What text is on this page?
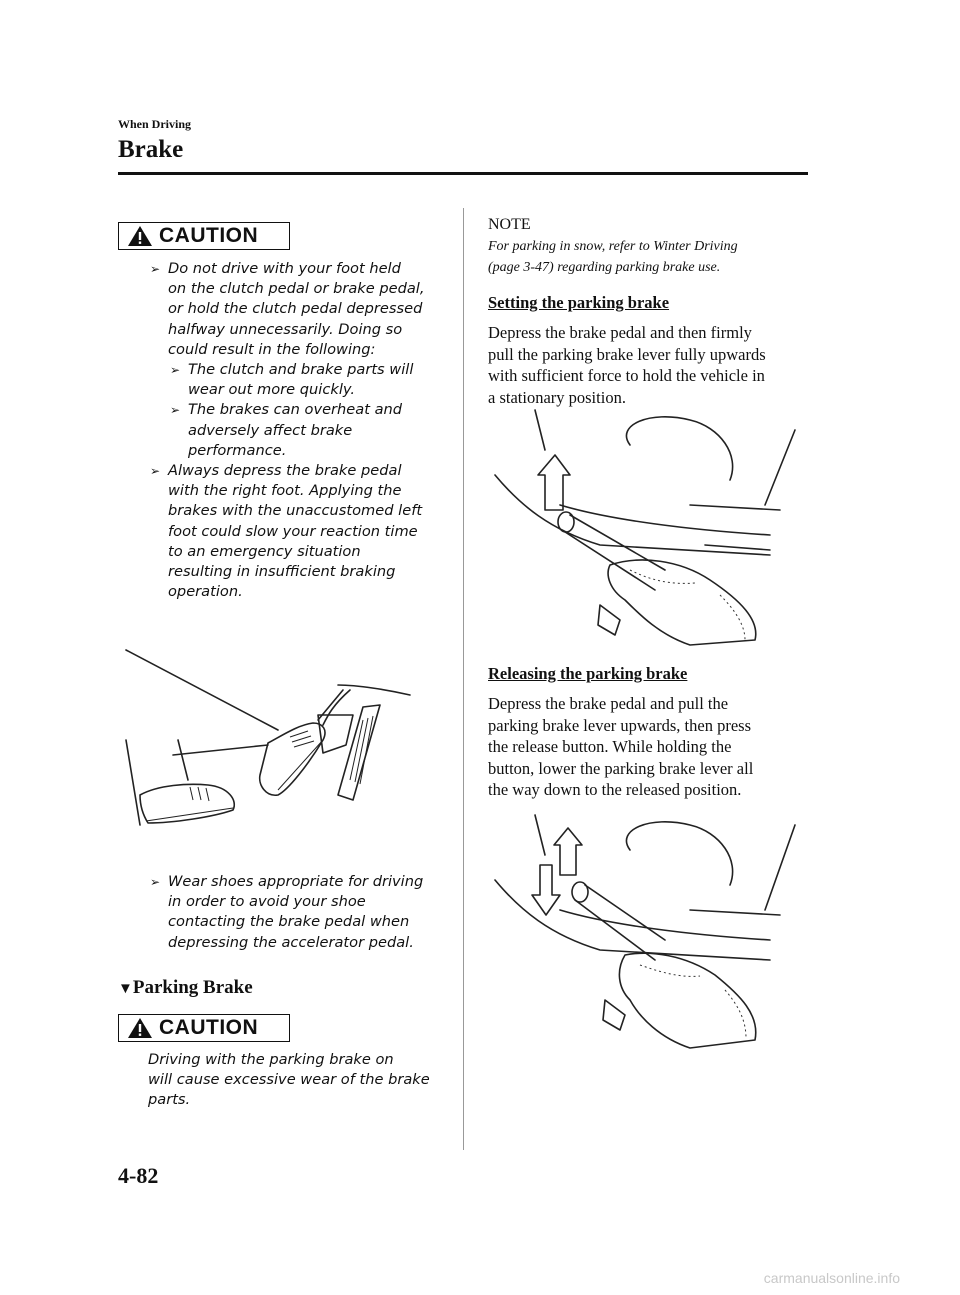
When Driving
Brake
CAUTION
➢ Do not drive with your foot held
on the clutch pedal or brake pedal,
or hold the clutch pedal depressed
halfway unnecessarily. Doing so
could result in the following:
➢ The clutch and brake parts will
wear out more quickly.
➢ The brakes can overheat and
adversely affect brake
performance.
➢ Always depress the brake pedal
with the right foot. Applying the
brakes with the unaccustomed left
foot could slow your reaction time
to an emergency situation
resulting in insufficient braking
operation.
➢ Wear shoes appropriate for driving
in order to avoid your shoe
contacting the brake pedal when
depressing the accelerator pedal.
▼Parking Brake
CAUTION
Driving with the parking brake on
will cause excessive wear of the brake
parts.
NOTE
For parking in snow, refer to Winter Driving
(page 3-47) regarding parking brake use.
Setting the parking brake
Depress the brake pedal and then firmly
pull the parking brake lever fully upwards
with sufficient force to hold the vehicle in
a stationary position.
Releasing the parking brake
Depress the brake pedal and pull the
parking brake lever upwards, then press
the release button. While holding the
button, lower the parking brake lever all
the way down to the released position.
4-82
carmanualsonline.info
